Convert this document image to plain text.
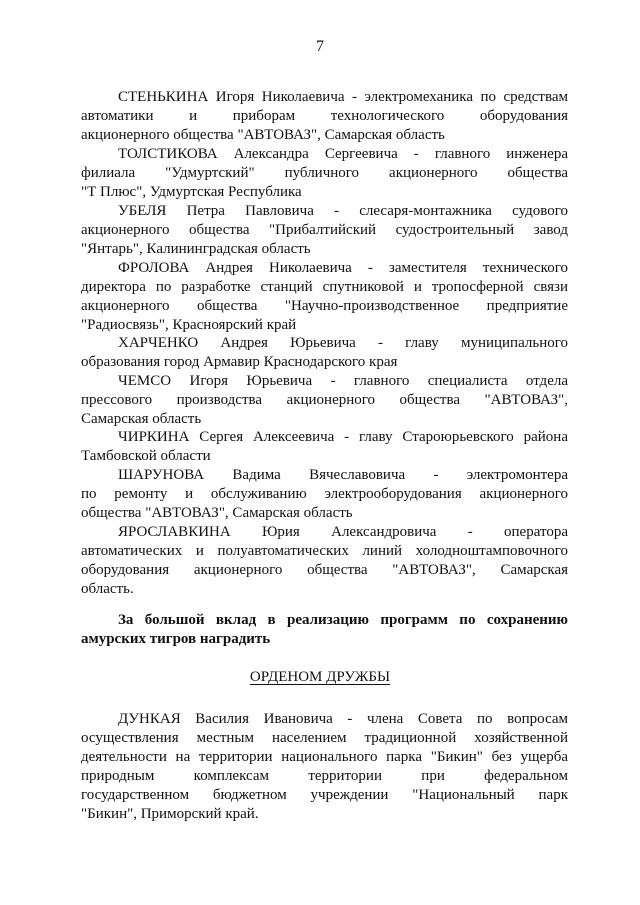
7
СТЕНЬКИНА Игоря Николаевича - электромеханика по средствам
автоматики и приборам технологического оборудования
акционерного общества "АВТОВАЗ", Самарская область
ТОЛСТИКОВА Александра Сергеевича - главного инженера
филиала "Удмуртский" публичного акционерного общества
"Т Плюс", Удмуртская Республика
УБЕЛЯ Петра Павловича - слесаря-монтажника судового
акционерного общества "Прибалтийский судостроительный завод
"Янтарь", Калининградская область
ФРОЛОВА Андрея Николаевича - заместителя технического
директора по разработке станций спутниковой и тропосферной связи
акционерного общества "Научно-производственное предприятие
"Радиосвязь", Красноярский край
ХАРЧЕНКО Андрея Юрьевича - главу муниципального
образования город Армавир Краснодарского края
ЧЕМСО Игоря Юрьевича - главного специалиста отдела
прессового производства акционерного общества "АВТОВАЗ",
Самарская область
ЧИРКИНА Сергея Алексеевича - главу Староюрьевского района
Тамбовской области
ШАРУНОВА Вадима Вячеславовича - электромонтера
по ремонту и обслуживанию электрооборудования акционерного
общества "АВТОВАЗ", Самарская область
ЯРОСЛАВКИНА Юрия Александровича - оператора
автоматических и полуавтоматических линий холодноштамповочного
оборудования акционерного общества "АВТОВАЗ", Самарская
область.
За большой вклад в реализацию программ по сохранению
амурских тигров наградить
ОРДЕНОМ ДРУЖБЫ
ДУНКАЯ Василия Ивановича - члена Совета по вопросам
осуществления местным населением традиционной хозяйственной
деятельности на территории национального парка "Бикин" без ущерба
природным комплексам территории при федеральном
государственном бюджетном учреждении "Национальный парк
"Бикин", Приморский край.
